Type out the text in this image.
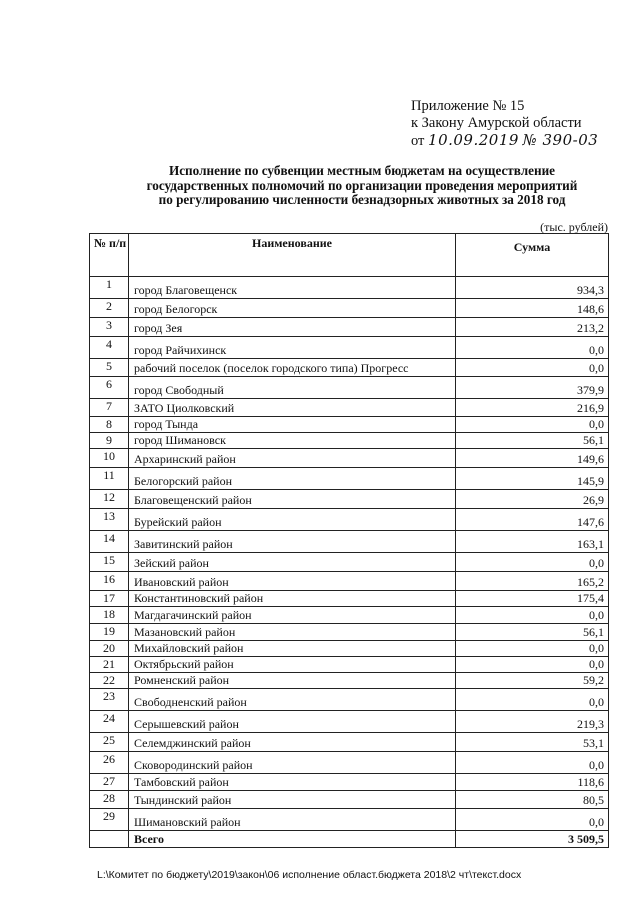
Приложение № 15
к Закону Амурской области
от 10.09.2019 № 390-03
Исполнение по субвенции местным бюджетам на осуществление
государственных полномочий по организации проведения мероприятий
по регулированию численности безнадзорных животных за 2018 год
(тыс. рублей)
№ п/п	Наименование	Сумма
1	город Благовещенск	934,3
2	город Белогорск	148,6
3	город Зея	213,2
4	город Райчихинск	0,0
5	рабочий поселок (поселок городского типа) Прогресс	0,0
6	город Свободный	379,9
7	ЗАТО Циолковский	216,9
8	город Тында	0,0
9	город Шимановск	56,1
10	Архаринский район	149,6
11	Белогорский район	145,9
12	Благовещенский район	26,9
13	Бурейский район	147,6
14	Завитинский район	163,1
15	Зейский район	0,0
16	Ивановский район	165,2
17	Константиновский район	175,4
18	Магдагачинский район	0,0
19	Мазановский район	56,1
20	Михайловский район	0,0
21	Октябрьский район	0,0
22	Ромненский район	59,2
23	Свободненский район	0,0
24	Серышевский район	219,3
25	Селемджинский район	53,1
26	Сковородинский район	0,0
27	Тамбовский район	118,6
28	Тындинский район	80,5
29	Шимановский район	0,0
	Всего	3 509,5
L:\Комитет по бюджету\2019\закон\06 исполнение област.бюджета 2018\2 чт\текст.docx
